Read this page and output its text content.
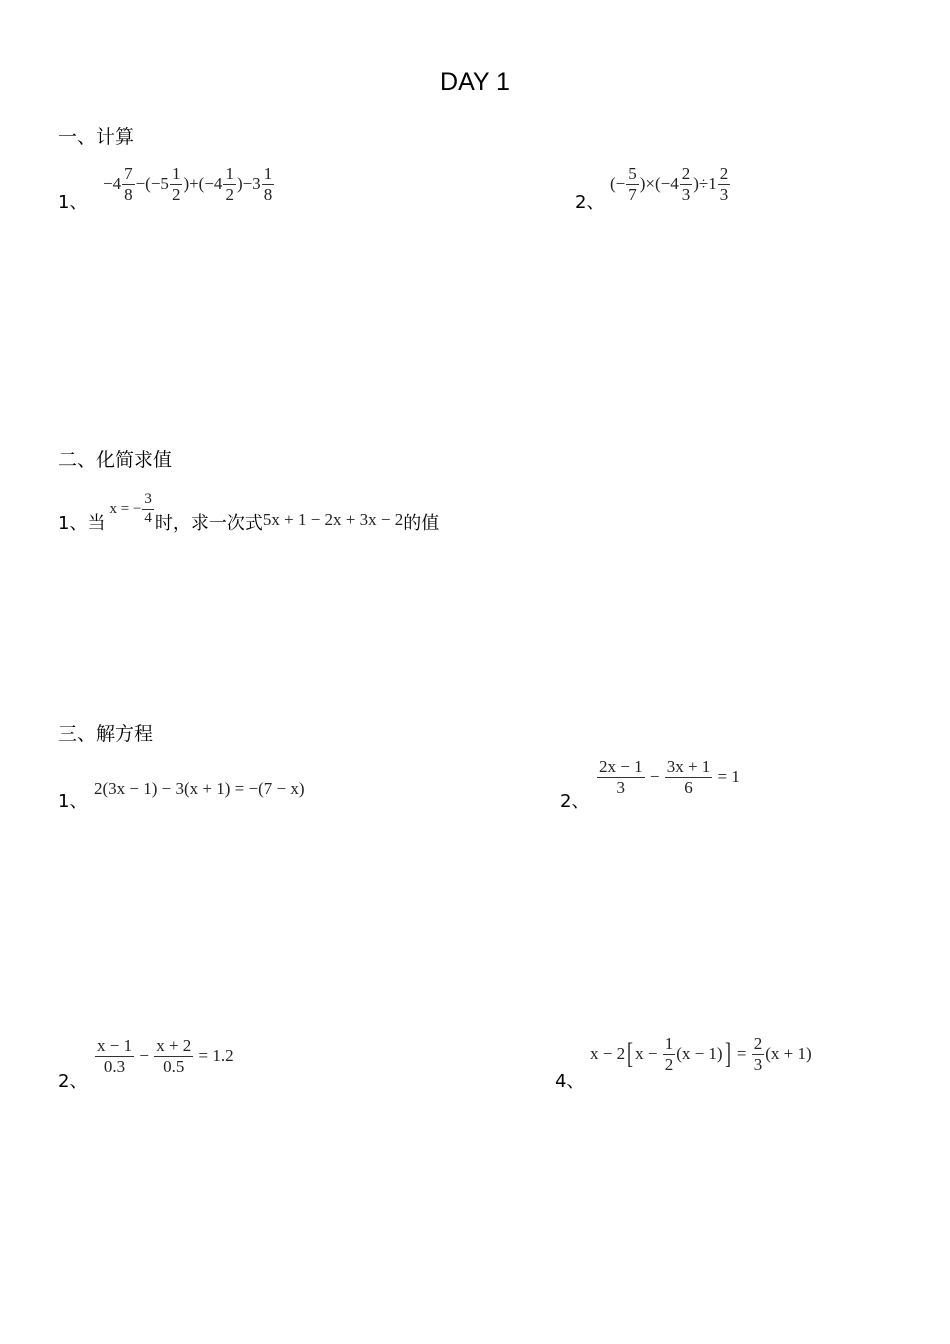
DAY 1
一、计算
1、
$-4 \frac{7}{8} -(-5 \frac{1}{2} )+(-4 \frac{1}{2} )-3 \frac{1}{8}$	2、
(− $\frac{5}{7} )\times(-4 \frac{2}{3} )\div 1 \frac{2}{3}$
二、化简求值
1、 当
x = − $\frac{3}{4}$ 时，求一次式 5x + 1 − 2x + 3x − 2 的值
三、解方程
1、
2(3x − 1) − 3(x + 1) = −(7 − x)
2、
$\frac{2x - 1}{3} - \frac{3x + 1}{6} = 1$
2、
$\frac{x - 1}{0.3} - \frac{x + 2}{0.5} = 1.2$
4、
x − 2 [ $x - \frac{1}{2} (x - 1)$ ] = $\frac{2}{3} (x + 1)$
